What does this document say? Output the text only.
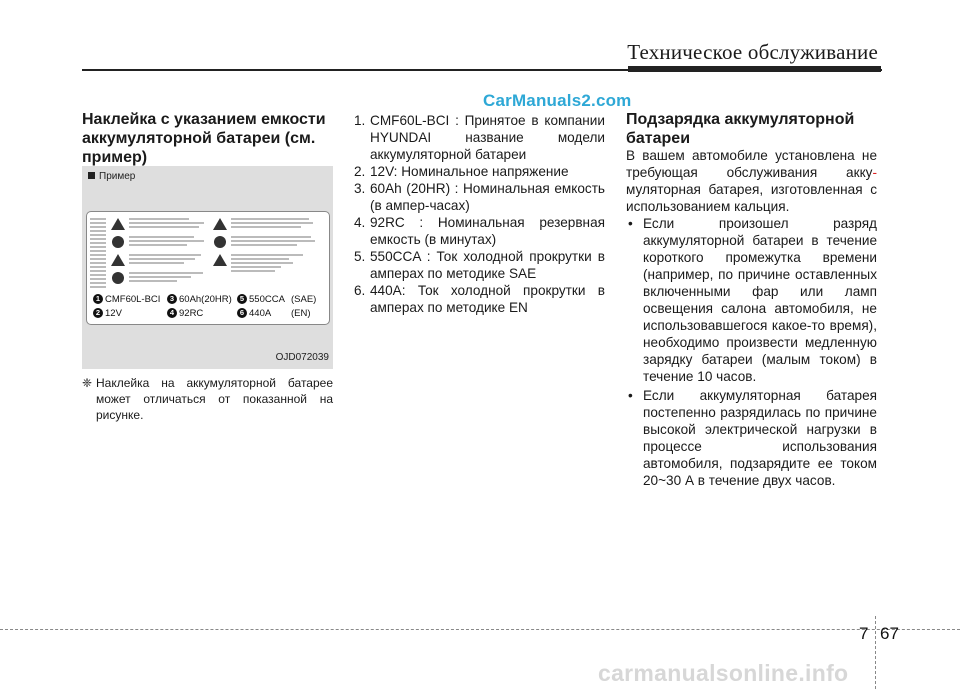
Техническое обслуживание
CarManuals2.com
Наклейка с указанием емкости аккумуляторной батареи (см. пример)
Пример
1 CMF60L-BCI 3 60Ah(20HR) 5 550CCA (SAE)
2 12V	4 92RC	6 440A (EN)
OJD072039
❈ Наклейка на аккумуляторной батарее может отличаться от показанной на рисунке.
1. CMF60L-BCI : Принятое в компании HYUNDAI название модели аккумуляторной батареи
2. 12V: Номинальное напряжение
3. 60Ah (20HR) : Номинальная емкость (в ампер-часах)
4. 92RC : Номинальная резервная емкость (в минутах)
5. 550CCA : Ток холодной прокрутки в амперах по методике SAE
6. 440A: Ток холодной прокрутки в амперах по методике EN
Подзарядка аккумуляторной батареи

В вашем автомобиле установлена не требующая обслуживания акку- муляторная батарея, изготовленная с использованием кальция.

• Если произошел разряд аккумуляторной батареи в течение короткого промежутка времени (например, по причине оставленных включенными фар или ламп освещения салона автомобиля, не использовавшегося какое-то время), необходимо произвести медленную зарядку батареи (малым током) в течение 10 часов.
• Если аккумуляторная батарея постепенно разрядилась по причине высокой электрической нагрузки в процессе использования автомобиля, подзарядите ее током 20~30 А в течение двух часов.
7 67
carmanualsonline.info
